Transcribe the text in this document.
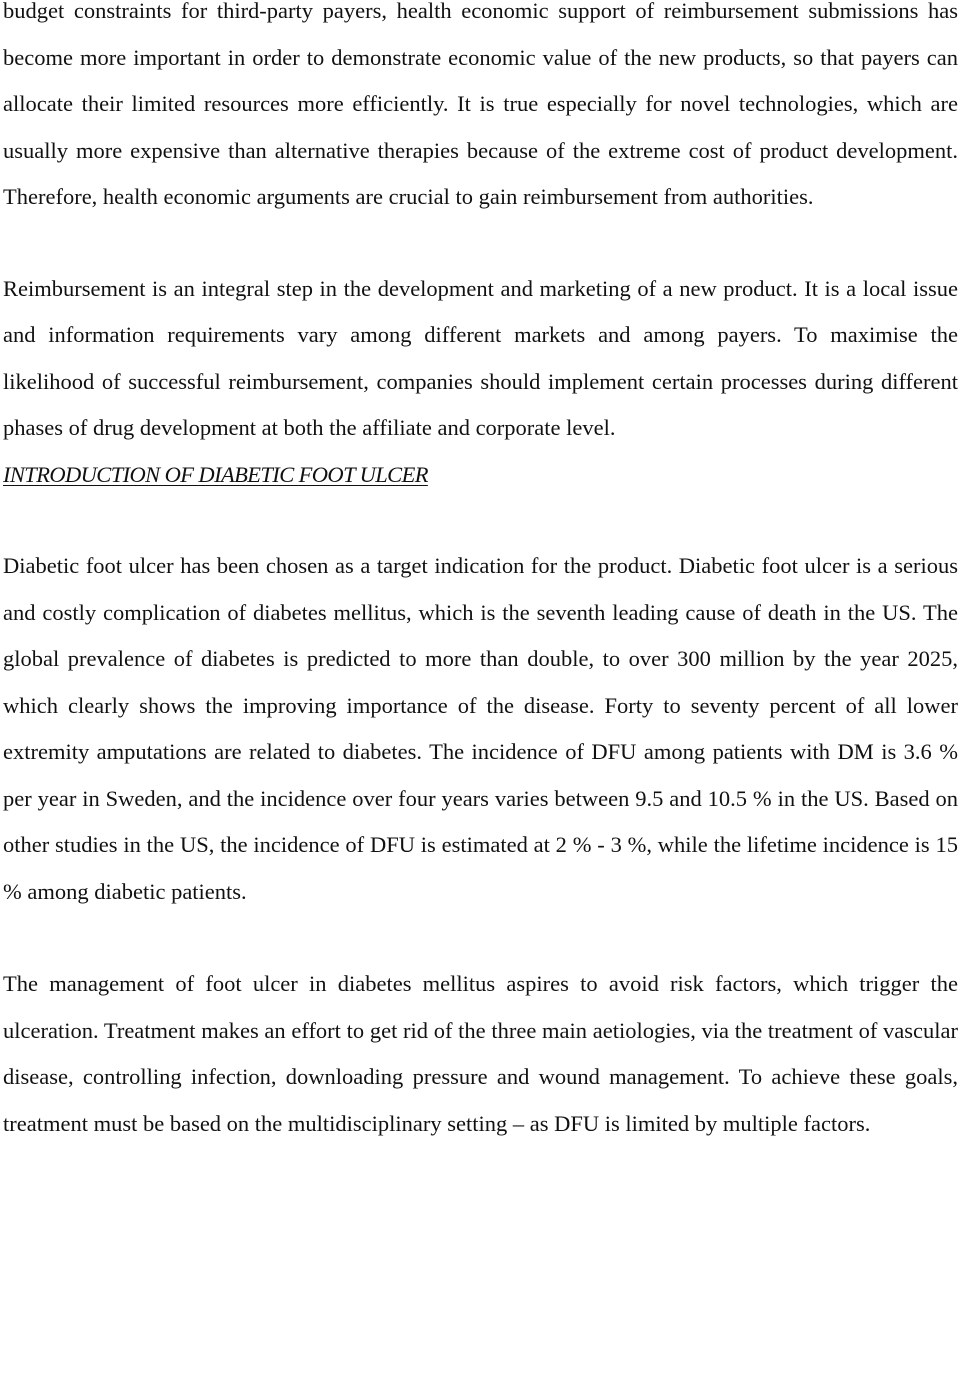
budget constraints for third-party payers, health economic support of reimbursement submissions has become more important in order to demonstrate economic value of the new products, so that payers can allocate their limited resources more efficiently. It is true especially for novel technologies, which are usually more expensive than alternative therapies because of the extreme cost of product development. Therefore, health economic arguments are crucial to gain reimbursement from authorities.

Reimbursement is an integral step in the development and marketing of a new product. It is a local issue and information requirements vary among different markets and among payers. To maximise the likelihood of successful reimbursement, companies should implement certain processes during different phases of drug development at both the affiliate and corporate level.

INTRODUCTION OF DIABETIC FOOT ULCER

Diabetic foot ulcer has been chosen as a target indication for the product. Diabetic foot ulcer is a serious and costly complication of diabetes mellitus, which is the seventh leading cause of death in the US. The global prevalence of diabetes is predicted to more than double, to over 300 million by the year 2025, which clearly shows the improving importance of the disease. Forty to seventy percent of all lower extremity amputations are related to diabetes. The incidence of DFU among patients with DM is 3.6 % per year in Sweden, and the incidence over four years varies between 9.5 and 10.5 % in the US. Based on other studies in the US, the incidence of DFU is estimated at 2 % - 3 %, while the lifetime incidence is 15 % among diabetic patients.

The management of foot ulcer in diabetes mellitus aspires to avoid risk factors, which trigger the ulceration. Treatment makes an effort to get rid of the three main aetiologies, via the treatment of vascular disease, controlling infection, downloading pressure and wound management. To achieve these goals, treatment must be based on the multidisciplinary setting – as DFU is limited by multiple factors.
